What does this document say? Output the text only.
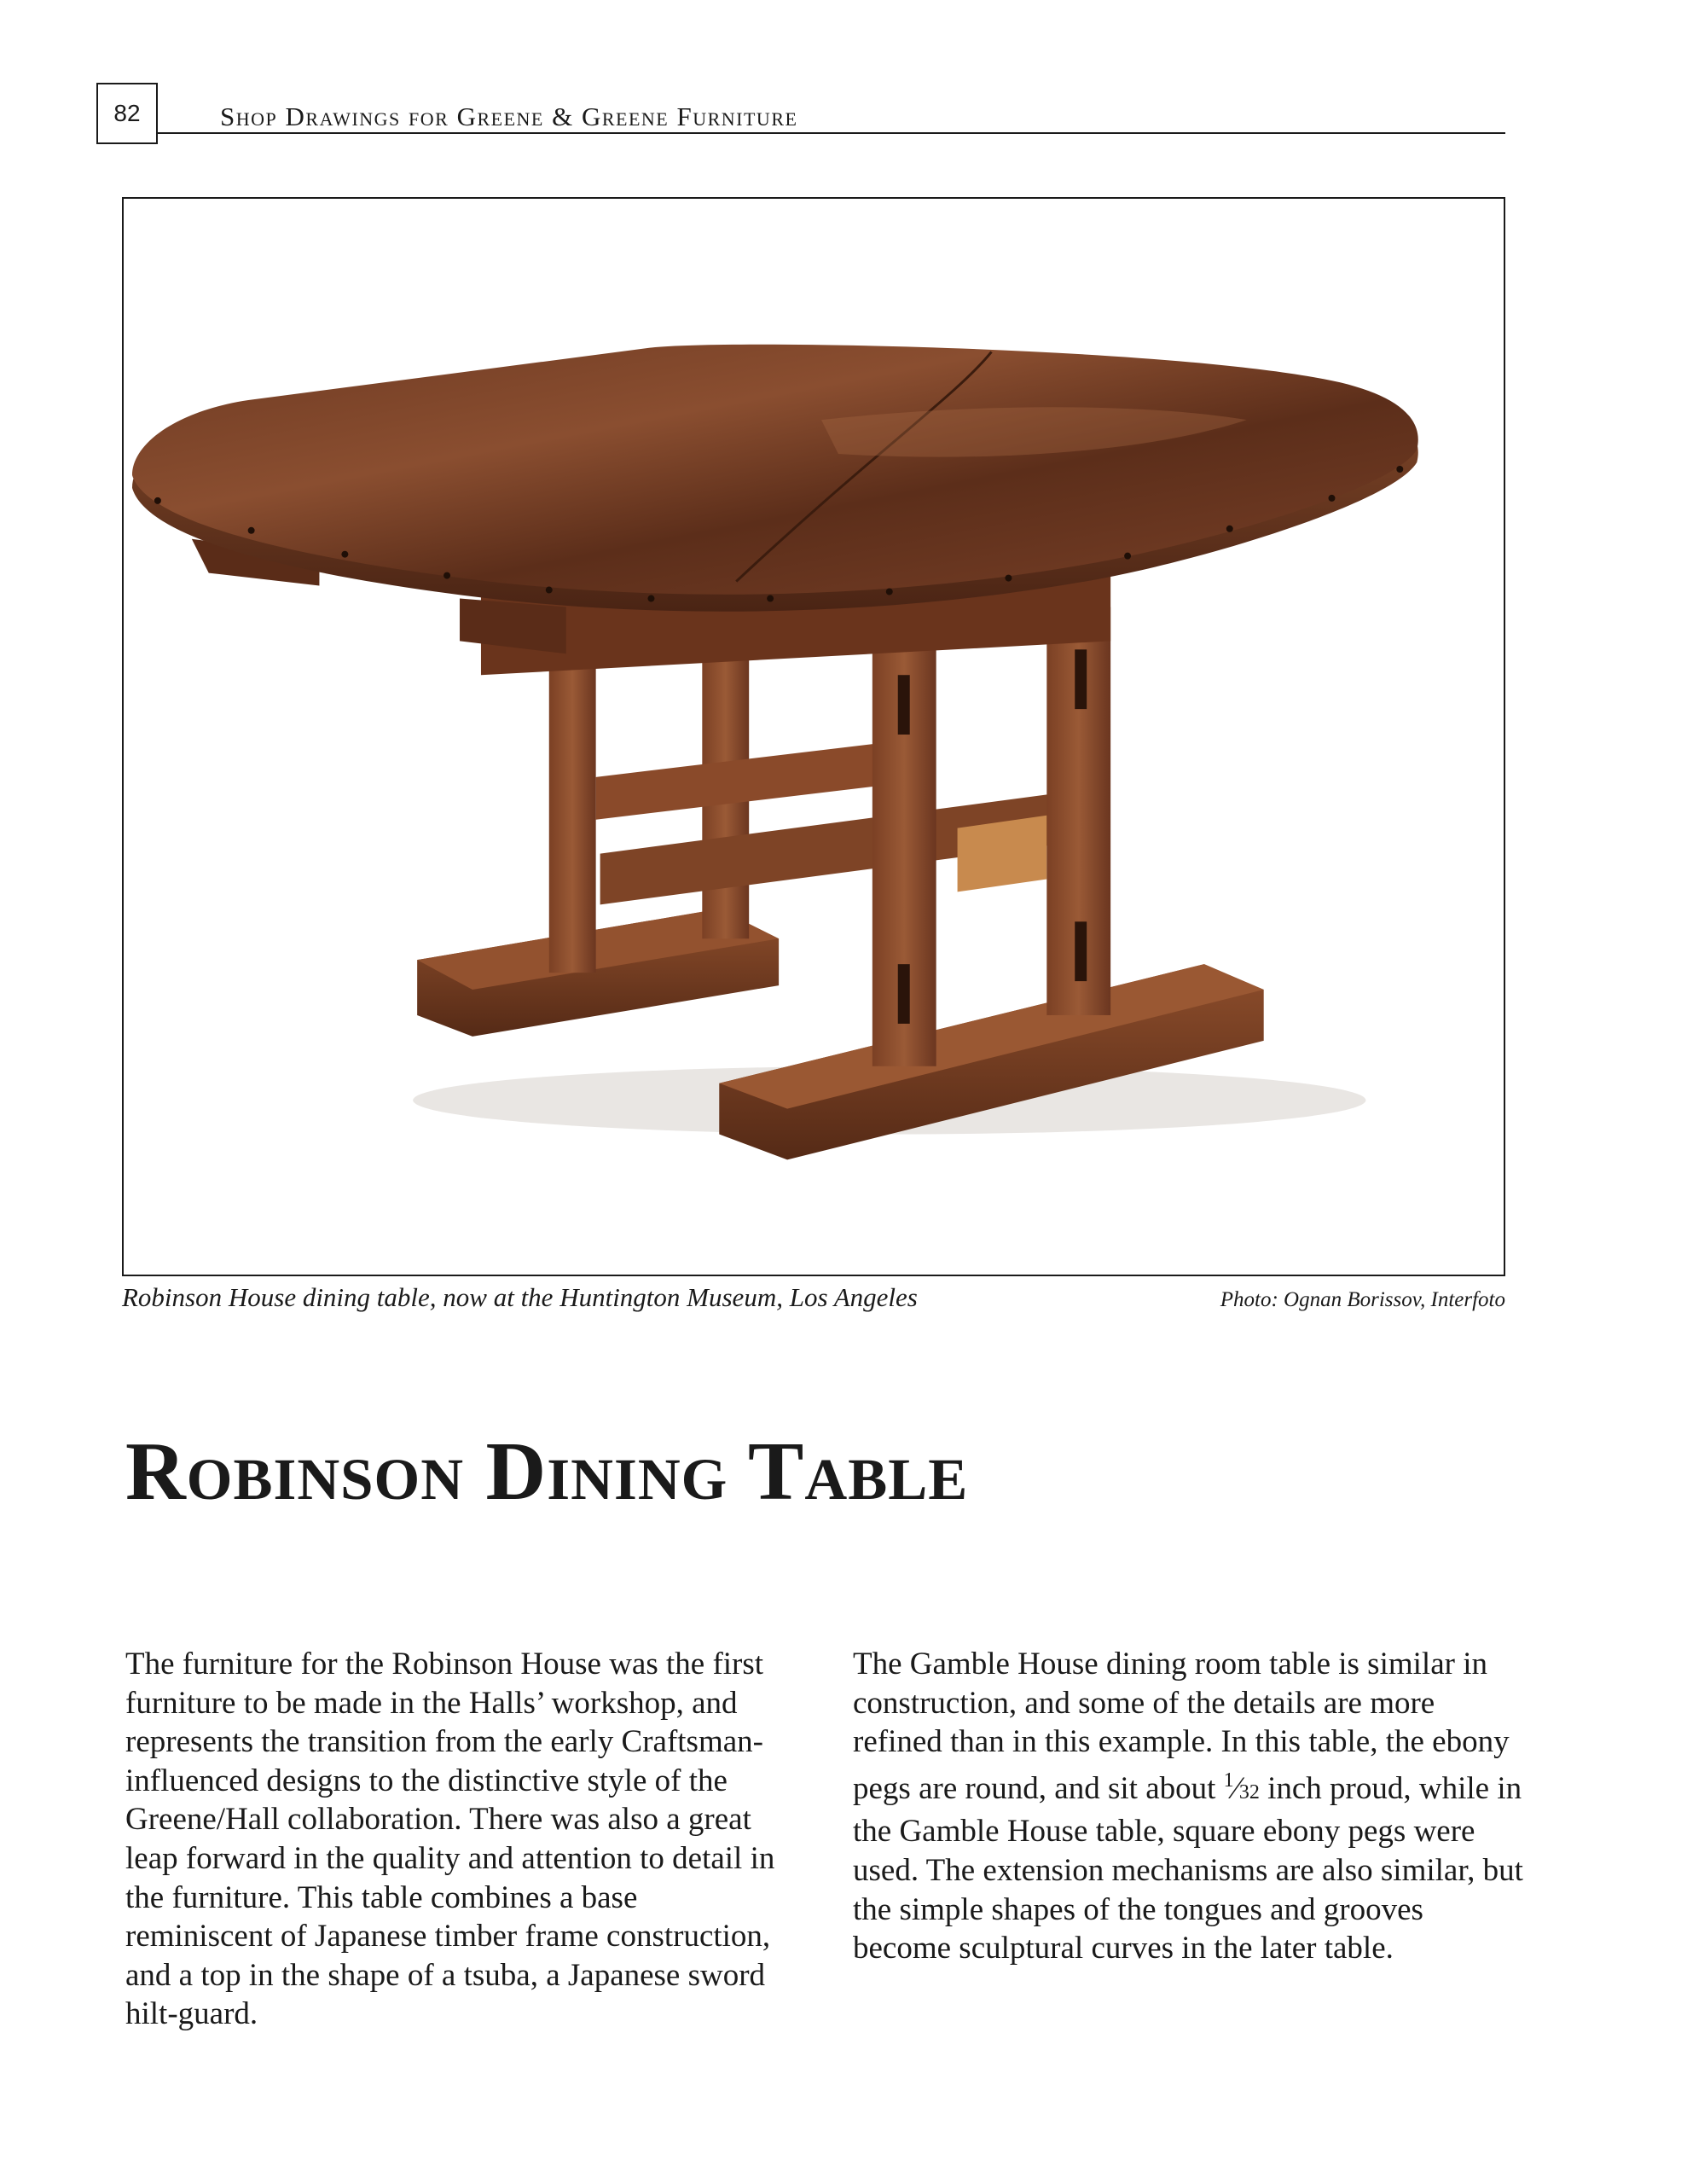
82	Shop Drawings for Greene & Greene Furniture
Robinson House dining table, now at the Huntington Museum, Los Angeles	Photo: Ognan Borissov, Interfoto
Robinson Dining Table

The furniture for the Robinson House was the first furniture to be made in the Halls’ workshop, and represents the transition from the early Craftsman-influenced designs to the distinctive style of the Greene/Hall collaboration. There was also a great leap forward in the quality and attention to detail in the furniture. This table combines a base reminiscent of Japanese timber frame construction, and a top in the shape of a tsuba, a Japanese sword hilt-guard.

The Gamble House dining room table is similar in construction, and some of the details are more refined than in this example. In this table, the ebony pegs are round, and sit about $^1$⁄32 inch proud, while in the Gamble House table, square ebony pegs were used. The extension mechanisms are also similar, but the simple shapes of the tongues and grooves become sculptural curves in the later table.
